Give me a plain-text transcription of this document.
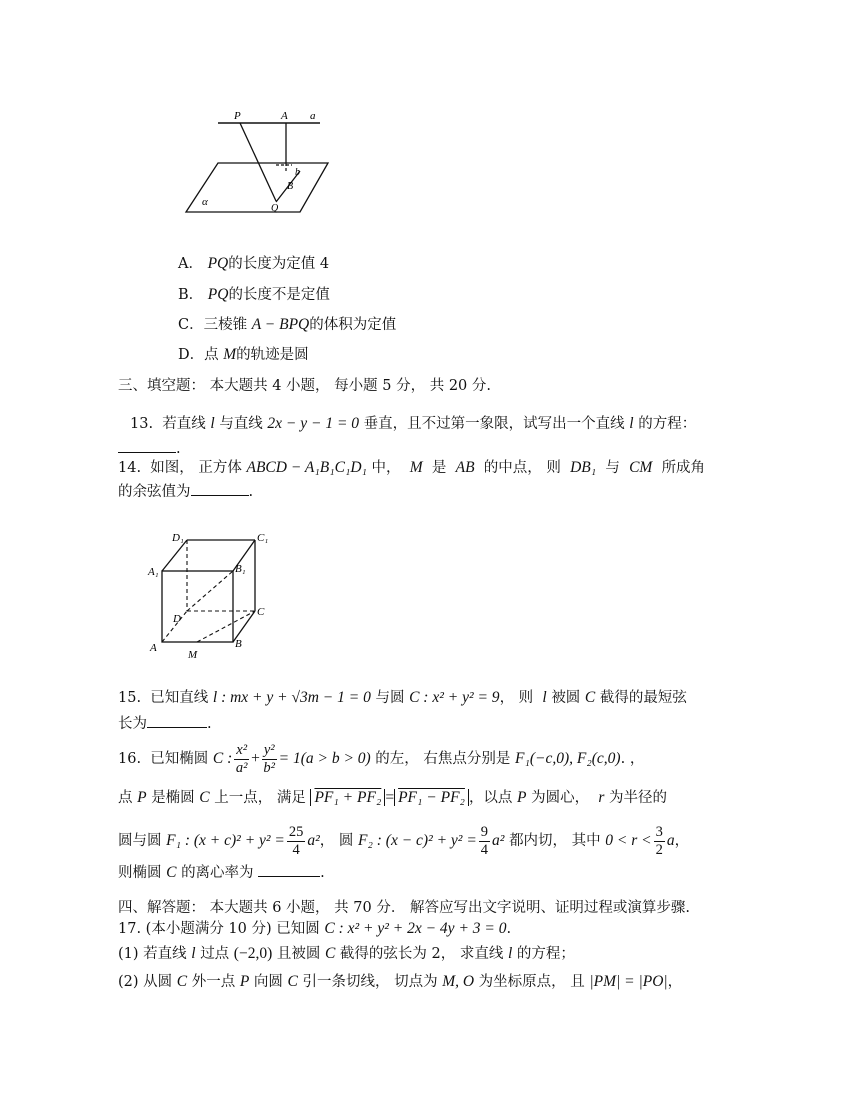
P	A a
b
B
Q
α
A． PQ的长度为定值 4
B． PQ的长度不是定值
C．三棱锥 A − BPQ的体积为定值
D．点 M的轨迹是圆
三、填空题： 本大题共 4 小题， 每小题 5 分， 共 20 分.
13. 若直线 l 与直线 2x − y − 1 = 0 垂直，且不过第一象限，试写出一个直线 l 的方程：
.
14. 如图， 正方体 ABCD − A₁B₁C₁D₁ 中， M 是 AB 的中点， 则 DB₁ 与 CM 所成角
的余弦值为	.
D₁	C₁
A₁	B₁
D
C
A	B
M
15. 已知直线 l : mx + y + √3m − 1 = 0 与圆 C : x² + y² = 9， 则 l 被圆 C 截得的最短弦
长为	.
16. 已知椭圆 C : $\frac{\text{x²}}{\text{a²}} + \frac{\text{y²}}{\text{b²}} = 1(a > b > 0)$ 的左， 右焦点分别是 F₁(−c,0), F₂(c,0). ，
点 P 是椭圆 C 上一点， 满足 PF₁ + PF₂ = PF₁ − PF₂ ，以点 P 为圆心， r 为半径的
圆与圆 F₁ : $(x + c)^2 + y^2 = \frac{25}{4} a^2$， 圆 F₂ : $(x - c)^2 + y^2 = \frac{9}{4} a^2$ 都内切， 其中 $0 < r < \frac{3}{2}$ a，
则椭圆 C 的离心率为	.
四、解答题： 本大题共 6 小题， 共 70 分． 解答应写出文字说明、证明过程或演算步骤.
17. (本小题满分 10 分) 已知圆 C : x² + y² + 2x − 4y + 3 = 0.
(1) 若直线 l 过点 (−2,0) 且被圆 C 截得的弦长为 2， 求直线 l 的方程；
(2) 从圆 C 外一点 P 向圆 C 引一条切线， 切点为 M, O 为坐标原点， 且 |PM| = |PO|，
